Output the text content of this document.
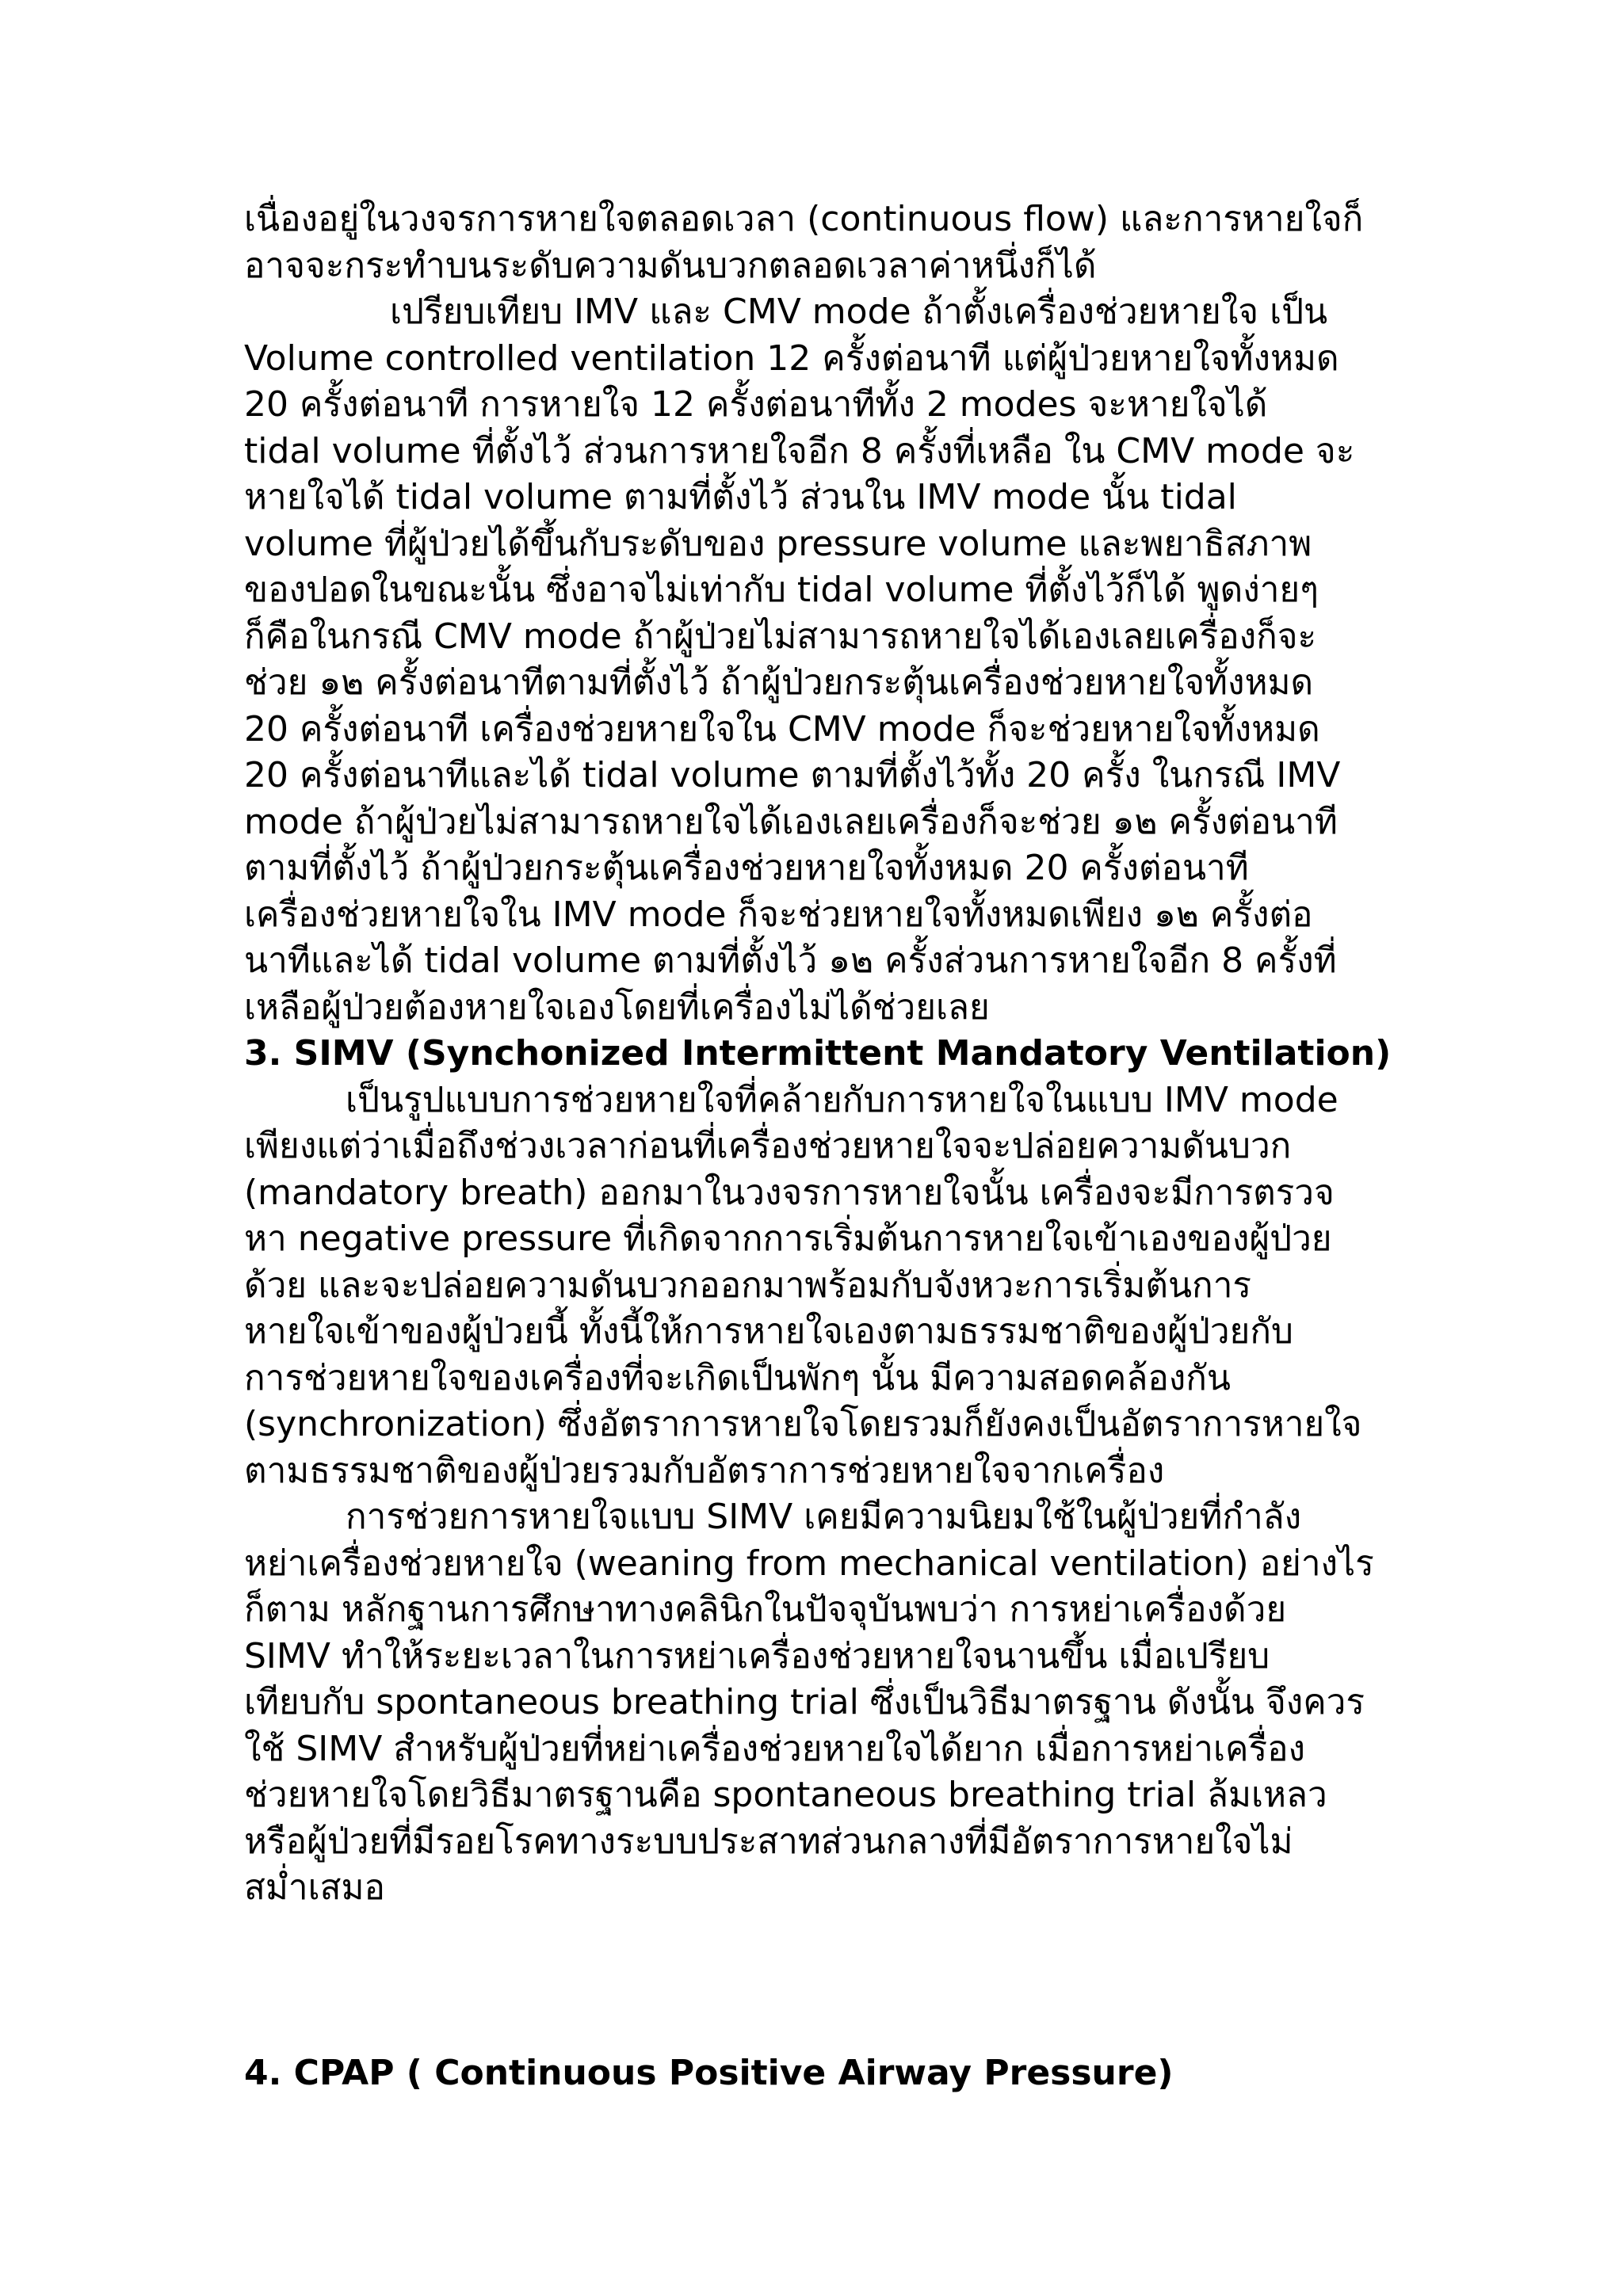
เนื่องอยู่ในวงจรการหายใจตลอดเวลา (continuous flow) และการหายใจก็
อาจจะกระทำบนระดับความดันบวกตลอดเวลาค่าหนึ่งก็ได้
เปรียบเทียบ IMV และ CMV mode ถ้าตั้งเครื่องช่วยหายใจ เป็น
Volume controlled ventilation 12 ครั้งต่อนาที แต่ผู้ป่วยหายใจทั้งหมด
20 ครั้งต่อนาที การหายใจ 12 ครั้งต่อนาทีทั้ง 2 modes จะหายใจได้
tidal volume ที่ตั้งไว้ ส่วนการหายใจอีก 8 ครั้งที่เหลือ ใน CMV mode จะ
หายใจได้ tidal volume ตามที่ตั้งไว้ ส่วนใน IMV mode นั้น tidal
volume ที่ผู้ป่วยได้ขึ้นกับระดับของ pressure volume และพยาธิสภาพ
ของปอดในขณะนั้น ซึ่งอาจไม่เท่ากับ tidal volume ที่ตั้งไว้ก็ได้ พูดง่ายๆ
ก็คือในกรณี CMV mode ถ้าผู้ป่วยไม่สามารถหายใจได้เองเลยเครื่องก็จะ
ช่วย ๑๒ ครั้งต่อนาทีตามที่ตั้งไว้ ถ้าผู้ป่วยกระตุ้นเครื่องช่วยหายใจทั้งหมด
20 ครั้งต่อนาที เครื่องช่วยหายใจใน CMV mode ก็จะช่วยหายใจทั้งหมด
20 ครั้งต่อนาทีและได้ tidal volume ตามที่ตั้งไว้ทั้ง 20 ครั้ง ในกรณี IMV
mode ถ้าผู้ป่วยไม่สามารถหายใจได้เองเลยเครื่องก็จะช่วย ๑๒ ครั้งต่อนาที
ตามที่ตั้งไว้ ถ้าผู้ป่วยกระตุ้นเครื่องช่วยหายใจทั้งหมด 20 ครั้งต่อนาที
เครื่องช่วยหายใจใน IMV mode ก็จะช่วยหายใจทั้งหมดเพียง ๑๒ ครั้งต่อ
นาทีและได้ tidal volume ตามที่ตั้งไว้ ๑๒ ครั้งส่วนการหายใจอีก 8 ครั้งที่
เหลือผู้ป่วยต้องหายใจเองโดยที่เครื่องไม่ได้ช่วยเลย
3. SIMV (Synchonized Intermittent Mandatory Ventilation)
เป็นรูปแบบการช่วยหายใจที่คล้ายกับการหายใจในแบบ IMV mode
เพียงแต่ว่าเมื่อถึงช่วงเวลาก่อนที่เครื่องช่วยหายใจจะปล่อยความดันบวก
(mandatory breath) ออกมาในวงจรการหายใจนั้น เครื่องจะมีการตรวจ
หา negative pressure ที่เกิดจากการเริ่มต้นการหายใจเข้าเองของผู้ป่วย
ด้วย และจะปล่อยความดันบวกออกมาพร้อมกับจังหวะการเริ่มต้นการ
หายใจเข้าของผู้ป่วยนี้ ทั้งนี้ให้การหายใจเองตามธรรมชาติของผู้ป่วยกับ
การช่วยหายใจของเครื่องที่จะเกิดเป็นพักๆ นั้น มีความสอดคล้องกัน
(synchronization) ซึ่งอัตราการหายใจโดยรวมก็ยังคงเป็นอัตราการหายใจ
ตามธรรมชาติของผู้ป่วยรวมกับอัตราการช่วยหายใจจากเครื่อง
การช่วยการหายใจแบบ SIMV เคยมีความนิยมใช้ในผู้ป่วยที่กำลัง
หย่าเครื่องช่วยหายใจ (weaning from mechanical ventilation) อย่างไร
ก็ตาม หลักฐานการศึกษาทางคลินิกในปัจจุบันพบว่า การหย่าเครื่องด้วย
SIMV ทำให้ระยะเวลาในการหย่าเครื่องช่วยหายใจนานขึ้น เมื่อเปรียบ
เทียบกับ spontaneous breathing trial ซึ่งเป็นวิธีมาตรฐาน ดังนั้น จึงควร
ใช้ SIMV สำหรับผู้ป่วยที่หย่าเครื่องช่วยหายใจได้ยาก เมื่อการหย่าเครื่อง
ช่วยหายใจโดยวิธีมาตรฐานคือ spontaneous breathing trial ล้มเหลว
หรือผู้ป่วยที่มีรอยโรคทางระบบประสาทส่วนกลางที่มีอัตราการหายใจไม่
สม่ำเสมอ
4. CPAP ( Continuous Positive Airway Pressure)
